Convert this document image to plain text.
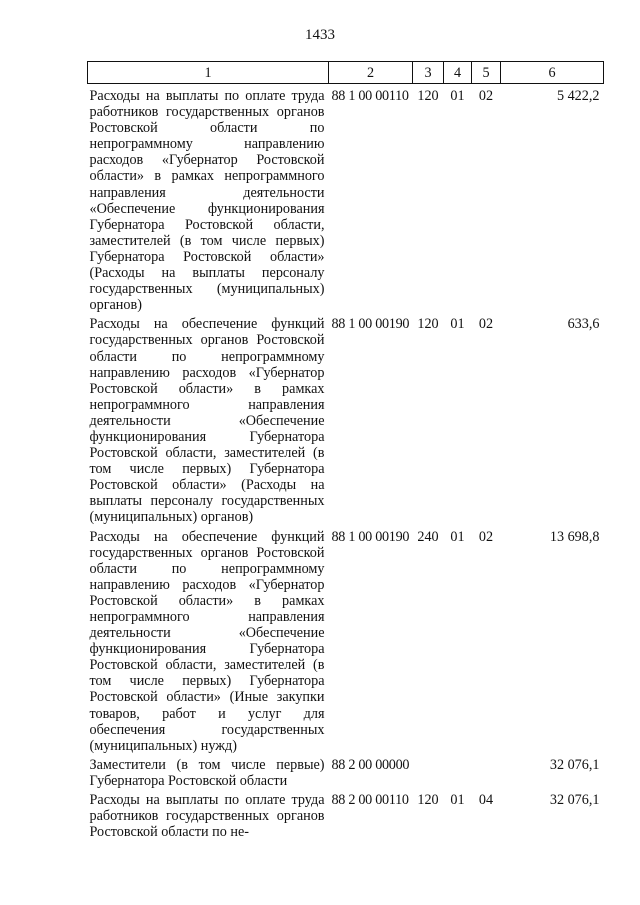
1433
1	2	3	4	5	6
Расходы на выплаты по оплате труда работников государственных органов Ростовской области по непрограммному направлению расходов «Губернатор Ростовской области» в рамках непрограммного направления деятельности «Обеспечение функционирования Губернатора Ростовской области, заместителей (в том числе первых) Губернатора Ростовской области» (Расходы на выплаты персоналу государственных (муниципальных) органов)	88 1 00 00110	120	01	02	5 422,2
Расходы на обеспечение функций государственных органов Ростовской области по непрограммному направлению расходов «Губернатор Ростовской области» в рамках непрограммного направления деятельности «Обеспечение функционирования Губернатора Ростовской области, заместителей (в том числе первых) Губернатора Ростовской области» (Расходы на выплаты персоналу государственных (муниципальных) органов)	88 1 00 00190	120	01	02	633,6
Расходы на обеспечение функций государственных органов Ростовской области по непрограммному направлению расходов «Губернатор Ростовской области» в рамках непрограммного направления деятельности «Обеспечение функционирования Губернатора Ростовской области, заместителей (в том числе первых) Губернатора Ростовской области» (Иные закупки товаров, работ и услуг для обеспечения государственных (муниципальных) нужд)	88 1 00 00190	240	01	02	13 698,8
Заместители (в том числе первые) Губернатора Ростовской области	88 2 00 00000				32 076,1
Расходы на выплаты по оплате труда работников государственных органов Ростовской области по не-	88 2 00 00110	120	01	04	32 076,1
